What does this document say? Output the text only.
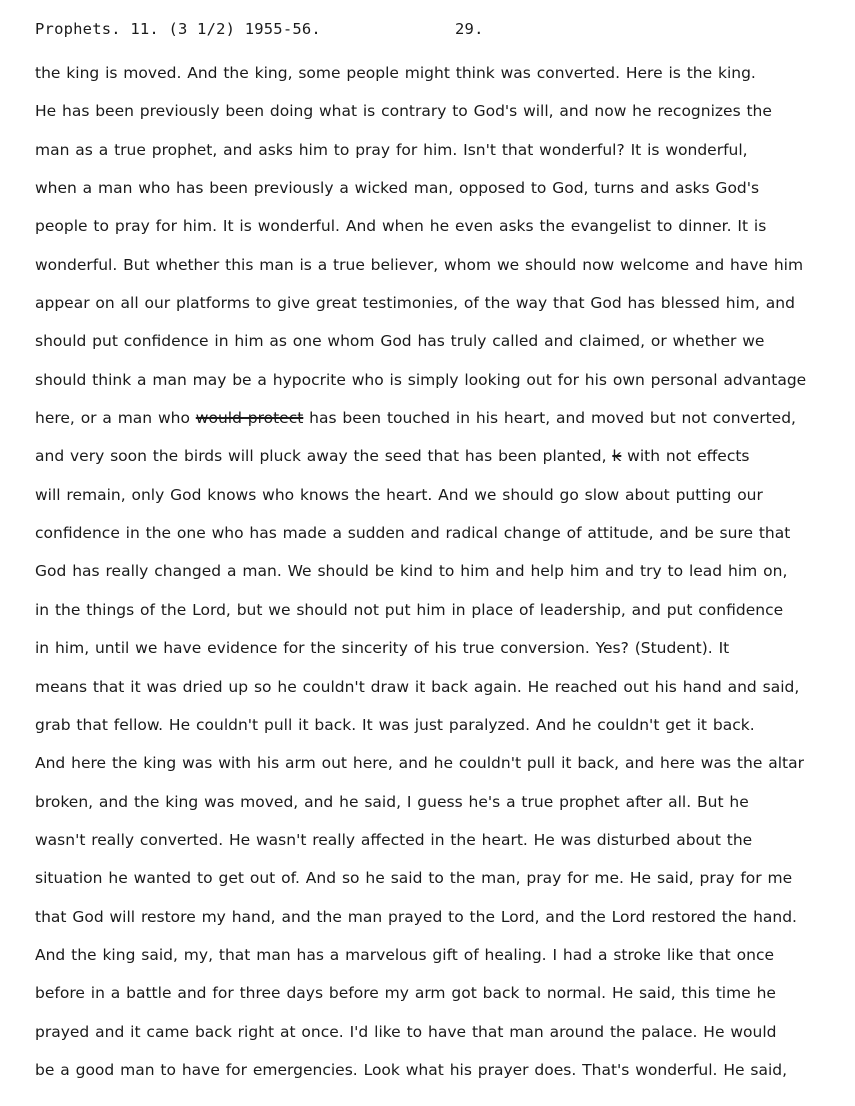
Prophets. 11. (3 1/2) 1955-56.	29.
the king is moved. And the king, some people might think was converted. Here is the king.
He has been previously been doing what is contrary to God's will, and now he recognizes the
man as a true prophet, and asks him to pray for him. Isn't that wonderful? It is wonderful,
when a man who has been previously a wicked man, opposed to God, turns and asks God's
people to pray for him. It is wonderful. And when he even asks the evangelist to dinner. It is
wonderful. But whether this man is a true believer, whom we should now welcome and have him
appear on all our platforms to give great testimonies, of the way that God has blessed him, and
should put confidence in him as one whom God has truly called and claimed, or whether we
should think a man may be a hypocrite who is simply looking out for his own personal advantage
here, or a man who would protect has been touched in his heart, and moved but not converted,
and very soon the birds will pluck away the seed that has been planted, k with not effects
will remain, only God knows who knows the heart. And we should go slow about putting our
confidence in the one who has made a sudden and radical change of attitude, and be sure that
God has really changed a man. We should be kind to him and help him and try to lead him on,
in the things of the Lord, but we should not put him in place of leadership, and put confidence
in him, until we have evidence for the sincerity of his true conversion. Yes? (Student). It
means that it was dried up so he couldn't draw it back again. He reached out his hand and said,
grab that fellow. He couldn't pull it back. It was just paralyzed. And he couldn't get it back.
And here the king was with his arm out here, and he couldn't pull it back, and here was the altar
broken, and the king was moved, and he said, I guess he's a true prophet after all. But he
wasn't really converted. He wasn't really affected in the heart. He was disturbed about the
situation he wanted to get out of. And so he said to the man, pray for me. He said, pray for me
that God will restore my hand, and the man prayed to the Lord, and the Lord restored the hand.
And the king said, my, that man has a marvelous gift of healing. I had a stroke like that once
before in a battle and for three days before my arm got back to normal. He said, this time he
prayed and it came back right at once. I'd like to have that man around the palace. He would
be a good man to have for emergencies. Look what his prayer does. That's wonderful. He said,
